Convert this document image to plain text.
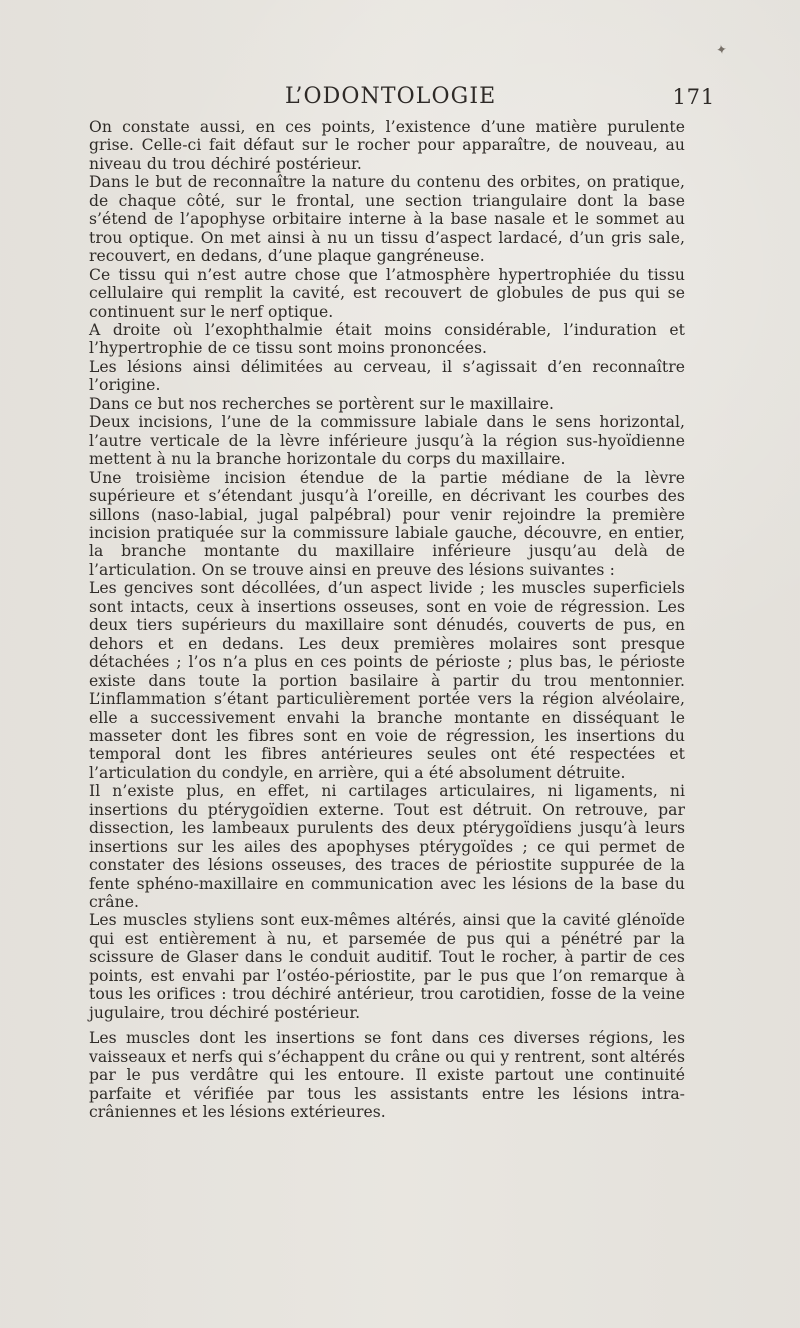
✦
L’ODONTOLOGIE	171

On constate aussi, en ces points, l’existence d’une matière purulente grise. Celle-ci fait défaut sur le rocher pour apparaître, de nouveau, au niveau du trou déchiré postérieur.

Dans le but de reconnaître la nature du contenu des orbites, on pratique, de chaque côté, sur le frontal, une section triangulaire dont la base s’étend de l’apophyse orbitaire interne à la base nasale et le sommet au trou optique. On met ainsi à nu un tissu d’aspect lardacé, d’un gris sale, recouvert, en dedans, d’une plaque gangréneuse.

Ce tissu qui n’est autre chose que l’atmosphère hypertrophiée du tissu cellulaire qui remplit la cavité, est recouvert de globules de pus qui se continuent sur le nerf optique.

A droite où l’exophthalmie était moins considérable, l’induration et l’hypertrophie de ce tissu sont moins prononcées.

Les lésions ainsi délimitées au cerveau, il s’agissait d’en reconnaître l’origine.

Dans ce but nos recherches se portèrent sur le maxillaire.

Deux incisions, l’une de la commissure labiale dans le sens horizontal, l’autre verticale de la lèvre inférieure jusqu’à la région sus-hyoïdienne mettent à nu la branche horizontale du corps du maxillaire.

Une troisième incision étendue de la partie médiane de la lèvre supérieure et s’étendant jusqu’à l’oreille, en décrivant les courbes des sillons (naso-labial, jugal palpébral) pour venir rejoindre la première incision pratiquée sur la commissure labiale gauche, découvre, en entier, la branche montante du maxillaire inférieure jusqu’au delà de l’articulation. On se trouve ainsi en preuve des lésions suivantes :

Les gencives sont décollées, d’un aspect livide ; les muscles superficiels sont intacts, ceux à insertions osseuses, sont en voie de régression. Les deux tiers supérieurs du maxillaire sont dénudés, couverts de pus, en dehors et en dedans. Les deux premières molaires sont presque détachées ; l’os n’a plus en ces points de périoste ; plus bas, le périoste existe dans toute la portion basilaire à partir du trou mentonnier. L’inflammation s’étant particulièrement portée vers la région alvéolaire, elle a successivement envahi la branche montante en disséquant le masseter dont les fibres sont en voie de régression, les insertions du temporal dont les fibres antérieures seules ont été respectées et l’articulation du condyle, en arrière, qui a été absolument détruite.

Il n’existe plus, en effet, ni cartilages articulaires, ni ligaments, ni insertions du ptérygoïdien externe. Tout est détruit. On retrouve, par dissection, les lambeaux purulents des deux ptérygoïdiens jusqu’à leurs insertions sur les ailes des apophyses ptérygoïdes ; ce qui permet de constater des lésions osseuses, des traces de périostite suppurée de la fente sphéno-maxillaire en communication avec les lésions de la base du crâne.

Les muscles styliens sont eux-mêmes altérés, ainsi que la cavité glénoïde qui est entièrement à nu, et parsemée de pus qui a pénétré par la scissure de Glaser dans le conduit auditif. Tout le rocher, à partir de ces points, est envahi par l’ostéo-périostite, par le pus que l’on remarque à tous les orifices : trou déchiré antérieur, trou carotidien, fosse de la veine jugulaire, trou déchiré postérieur.

Les muscles dont les insertions se font dans ces diverses régions, les vaisseaux et nerfs qui s’échappent du crâne ou qui y rentrent, sont altérés par le pus verdâtre qui les entoure. Il existe partout une continuité parfaite et vérifiée par tous les assistants entre les lésions intra-crâniennes et les lésions extérieures.
